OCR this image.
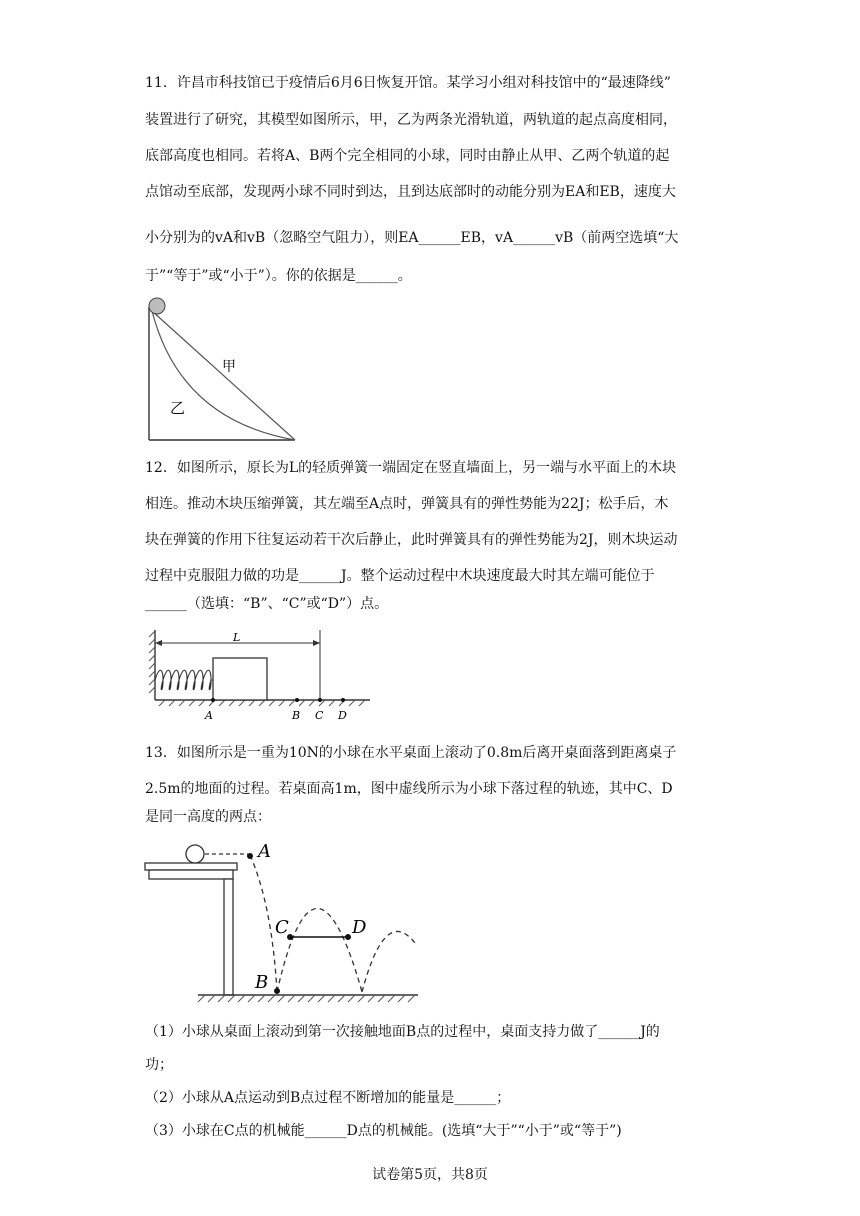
11．许昌市科技馆已于疫情后6月6日恢复开馆。某学习小组对科技馆中的“最速降线”
装置进行了研究，其模型如图所示，甲，乙为两条光滑轨道，两轨道的起点高度相同，
底部高度也相同。若将A、B两个完全相同的小球，同时由静止从甲、乙两个轨道的起
点馆动至底部，发现两小球不同时到达，且到达底部时的动能分别为EA和EB，速度大
小分别为的vA和vB（忽略空气阻力），则EA______EB，vA______vB（前两空选填“大
于”“等于”或“小于”）。你的依据是______。
甲
乙
12．如图所示，原长为L的轻质弹簧一端固定在竖直墙面上，另一端与水平面上的木块
相连。推动木块压缩弹簧，其左端至A点时，弹簧具有的弹性势能为22J；松手后，木
块在弹簧的作用下往复运动若干次后静止，此时弹簧具有的弹性势能为2J，则木块运动
过程中克服阻力做的功是______J。整个运动过程中木块速度最大时其左端可能位于
______（选填：“B”、“C”或“D”）点。
L
A	B C D
13．如图所示是一重为10N的小球在水平桌面上滚动了0.8m后离开桌面落到距离桌子
2.5m的地面的过程。若桌面高1m，图中虚线所示为小球下落过程的轨迹，其中C、D
是同一高度的两点：
A
B
C	D
（1）小球从桌面上滚动到第一次接触地面B点的过程中，桌面支持力做了______J的
功；
（2）小球从A点运动到B点过程不断增加的能量是______；
（3）小球在C点的机械能______D点的机械能。(选填“大于”“小于”或“等于”)
试卷第5页，共8页
